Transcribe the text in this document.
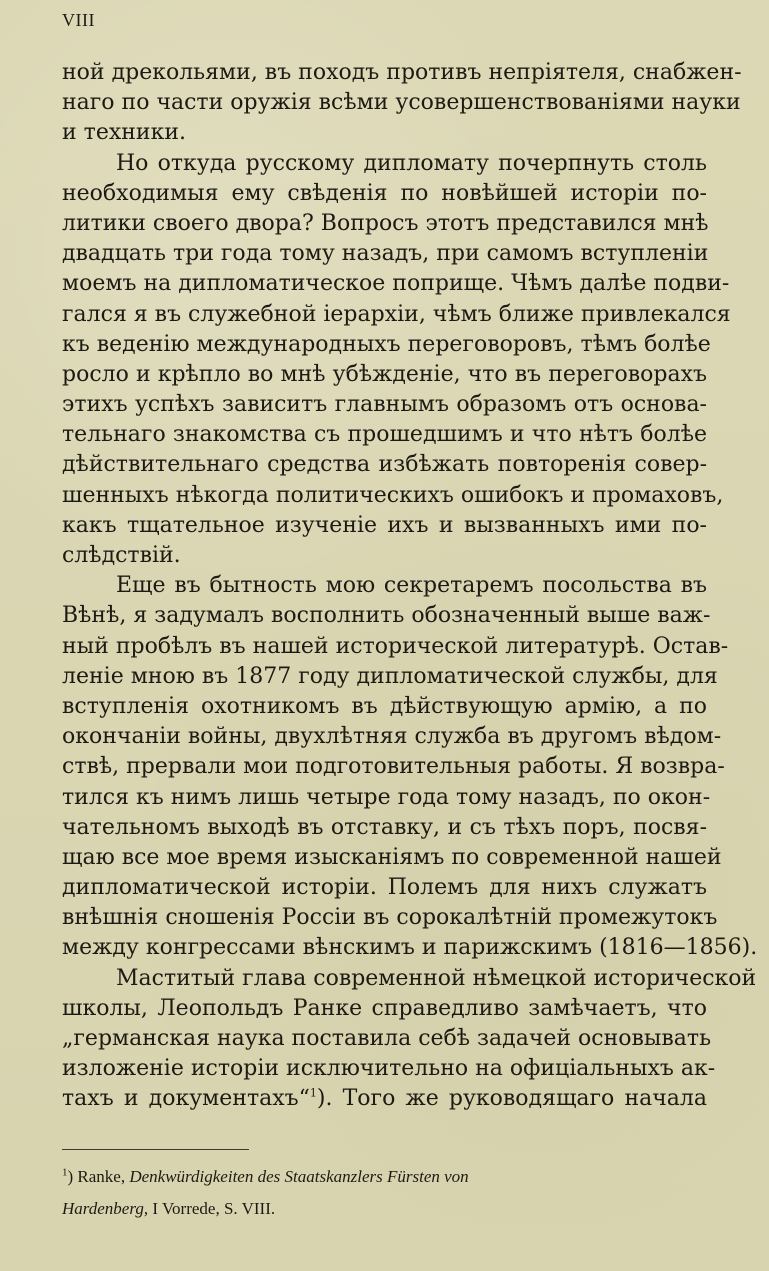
VIII
ной дрекольями, въ походъ противъ непріятеля, снабжен-
наго по части оружія всѣми усовершенствованіями науки
и техники.
Но откуда русскому дипломату почерпнуть столь
необходимыя ему свѣденія по новѣйшей исторіи по-
литики своего двора? Вопросъ этотъ представился мнѣ
двадцать три года тому назадъ, при самомъ вступленіи
моемъ на дипломатическое поприще. Чѣмъ далѣе подви-
гался я въ служебной іерархіи, чѣмъ ближе привлекался
къ веденію международныхъ переговоровъ, тѣмъ болѣе
росло и крѣпло во мнѣ убѣжденіе, что въ переговорахъ
этихъ успѣхъ зависитъ главнымъ образомъ отъ основа-
тельнаго знакомства съ прошедшимъ и что нѣтъ болѣе
дѣйствительнаго средства избѣжать повторенія совер-
шенныхъ нѣкогда политическихъ ошибокъ и промаховъ,
какъ тщательное изученіе ихъ и вызванныхъ ими по-
слѣдствій.
Еще въ бытность мою секретаремъ посольства въ
Вѣнѣ, я задумалъ восполнить обозначенный выше важ-
ный пробѣлъ въ нашей исторической литературѣ. Остав-
леніе мною въ 1877 году дипломатической службы, для
вступленія охотникомъ въ дѣйствующую армію, а по
окончаніи войны, двухлѣтняя служба въ другомъ вѣдом-
ствѣ, прервали мои подготовительныя работы. Я возвра-
тился къ нимъ лишь четыре года тому назадъ, по окон-
чательномъ выходѣ въ отставку, и съ тѣхъ поръ, посвя-
щаю все мое время изысканіямъ по современной нашей
дипломатической исторіи. Полемъ для нихъ служатъ
внѣшнія сношенія Россіи въ сорокалѣтній промежутокъ
между конгрессами вѣнскимъ и парижскимъ (1816—1856).
Маститый глава современной нѣмецкой исторической
школы, Леопольдъ Ранке справедливо замѣчаетъ, что
„германская наука поставила себѣ задачей основывать
изложеніе исторіи исключительно на офиціальныхъ ак-
тахъ и документахъ“$^1$). Того же руководящаго начала
$^1$) Ranke, Denkwürdigkeiten des Staatskanzlers Fürsten von
Hardenberg, I Vorrede, S. VIII.
